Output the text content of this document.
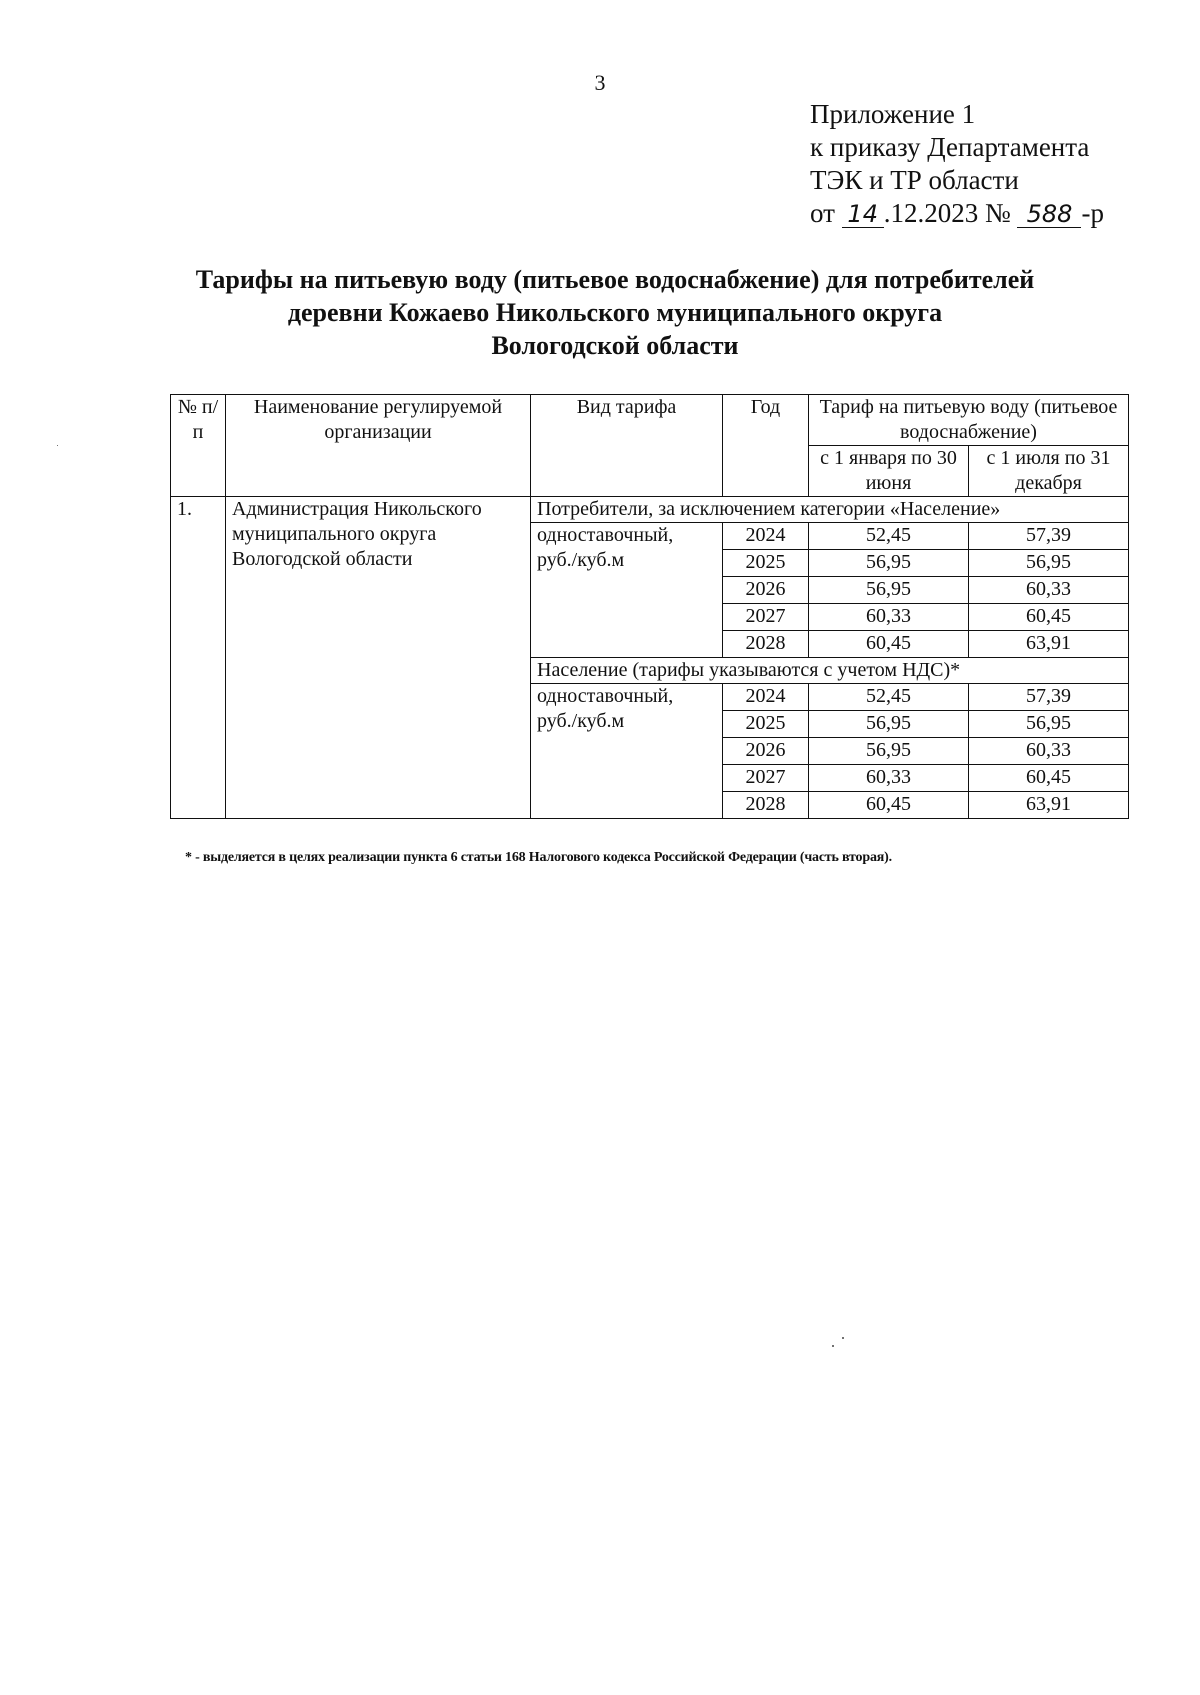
3
Приложение 1
к приказу Департамента
ТЭК и ТР области
от 14 .12.2023 № 588 -р
Тарифы на питьевую воду (питьевое водоснабжение) для потребителей
деревни Кожаево Никольского муниципального округа
Вологодской области
№ п/п	Наименование регулируемой организации	Вид тарифа	Год	Тариф на питьевую воду (питьевое водоснабжение)	
				с 1 января по 30 июня	с 1 июля по 31 декабря
1.	Администрация Никольского муниципального округа Вологодской области	Потребители, за исключением категории «Население»			
		одноставочный, руб./куб.м	2024	52,45	57,39
			2025	56,95	56,95
			2026	56,95	60,33
			2027	60,33	60,45
			2028	60,45	63,91
		Население (тарифы указываются с учетом НДС)*			
		одноставочный, руб./куб.м	2024	52,45	57,39
			2025	56,95	56,95
			2026	56,95	60,33
			2027	60,33	60,45
			2028	60,45	63,91
* - выделяется в целях реализации пункта 6 статьи 168 Налогового кодекса Российской Федерации (часть вторая).
